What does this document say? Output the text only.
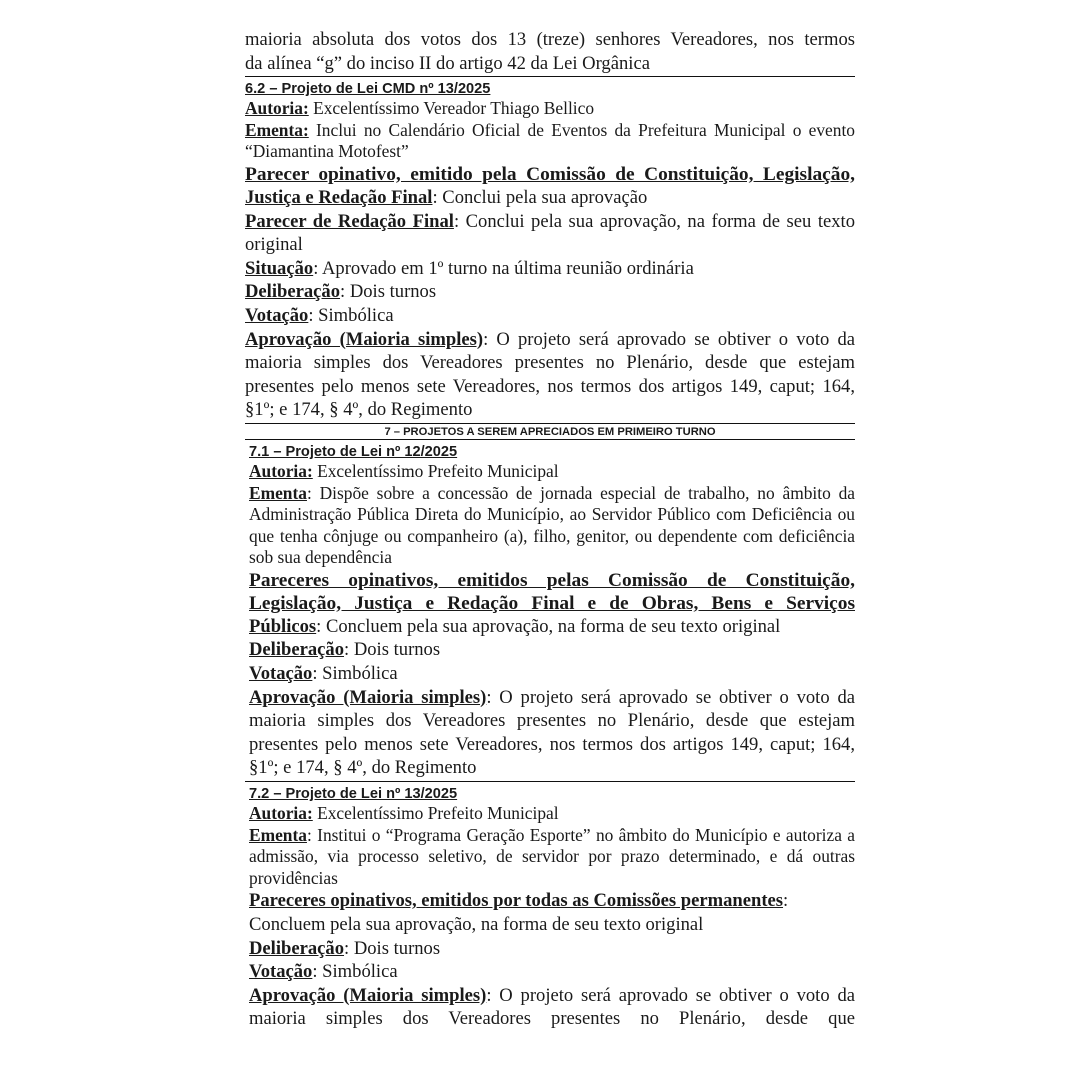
maioria absoluta dos votos dos 13 (treze) senhores Vereadores, nos termos

da alínea “g” do inciso II do artigo 42 da Lei Orgânica

6.2 – Projeto de Lei CMD nº 13/2025

Autoria: Excelentíssimo Vereador Thiago Bellico

Ementa: Inclui no Calendário Oficial de Eventos da Prefeitura Municipal o evento “Diamantina Motofest”

Parecer opinativo, emitido pela Comissão de Constituição, Legislação,

Justiça e Redação Final: Conclui pela sua aprovação

Parecer de Redação Final: Conclui pela sua aprovação, na forma de seu texto original

Situação: Aprovado em 1º turno na última reunião ordinária

Deliberação: Dois turnos

Votação: Simbólica

Aprovação (Maioria simples): O projeto será aprovado se obtiver o voto da maioria simples dos Vereadores presentes no Plenário, desde que estejam presentes pelo menos sete Vereadores, nos termos dos artigos 149, caput; 164, §1º; e 174, § 4º, do Regimento

7 – PROJETOS A SEREM APRECIADOS EM PRIMEIRO TURNO

7.1 – Projeto de Lei nº 12/2025

Autoria: Excelentíssimo Prefeito Municipal

Ementa: Dispõe sobre a concessão de jornada especial de trabalho, no âmbito da Administração Pública Direta do Município, ao Servidor Público com Deficiência ou que tenha cônjuge ou companheiro (a), filho, genitor, ou dependente com deficiência sob sua dependência

Pareceres opinativos, emitidos pelas Comissão de Constituição,

Legislação, Justiça e Redação Final e de Obras, Bens e Serviços

Públicos: Concluem pela sua aprovação, na forma de seu texto original

Deliberação: Dois turnos

Votação: Simbólica

Aprovação (Maioria simples): O projeto será aprovado se obtiver o voto da maioria simples dos Vereadores presentes no Plenário, desde que estejam presentes pelo menos sete Vereadores, nos termos dos artigos 149, caput; 164, §1º; e 174, § 4º, do Regimento

7.2 – Projeto de Lei nº 13/2025

Autoria: Excelentíssimo Prefeito Municipal

Ementa: Institui o “Programa Geração Esporte” no âmbito do Município e autoriza a admissão, via processo seletivo, de servidor por prazo determinado, e dá outras providências

Pareceres opinativos, emitidos por todas as Comissões permanentes:

Concluem pela sua aprovação, na forma de seu texto original

Deliberação: Dois turnos

Votação: Simbólica

Aprovação (Maioria simples): O projeto será aprovado se obtiver o voto da maioria simples dos Vereadores presentes no Plenário, desde que
